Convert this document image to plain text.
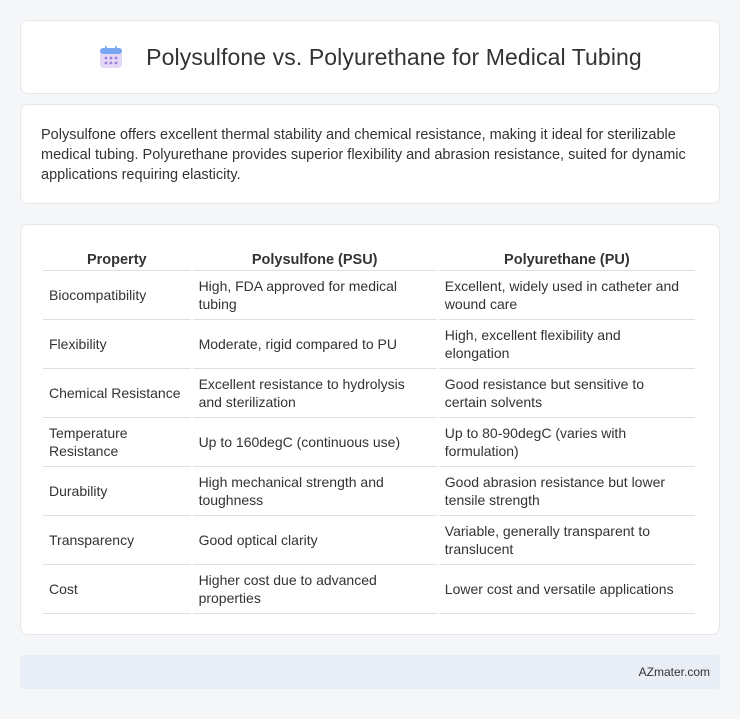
Polysulfone vs. Polyurethane for Medical Tubing

Polysulfone offers excellent thermal stability and chemical resistance, making it ideal for sterilizable medical tubing. Polyurethane provides superior flexibility and abrasion resistance, suited for dynamic applications requiring elasticity.

Property	Polysulfone (PSU)	Polyurethane (PU)
Biocompatibility	High, FDA approved for medical tubing	Excellent, widely used in catheter and wound care
Flexibility	Moderate, rigid compared to PU	High, excellent flexibility and elongation
Chemical Resistance	Excellent resistance to hydrolysis and sterilization	Good resistance but sensitive to certain solvents
Temperature Resistance	Up to 160degC (continuous use)	Up to 80-90degC (varies with formulation)
Durability	High mechanical strength and toughness	Good abrasion resistance but lower tensile strength
Transparency	Good optical clarity	Variable, generally transparent to translucent
Cost	Higher cost due to advanced properties	Lower cost and versatile applications
AZmater.com
